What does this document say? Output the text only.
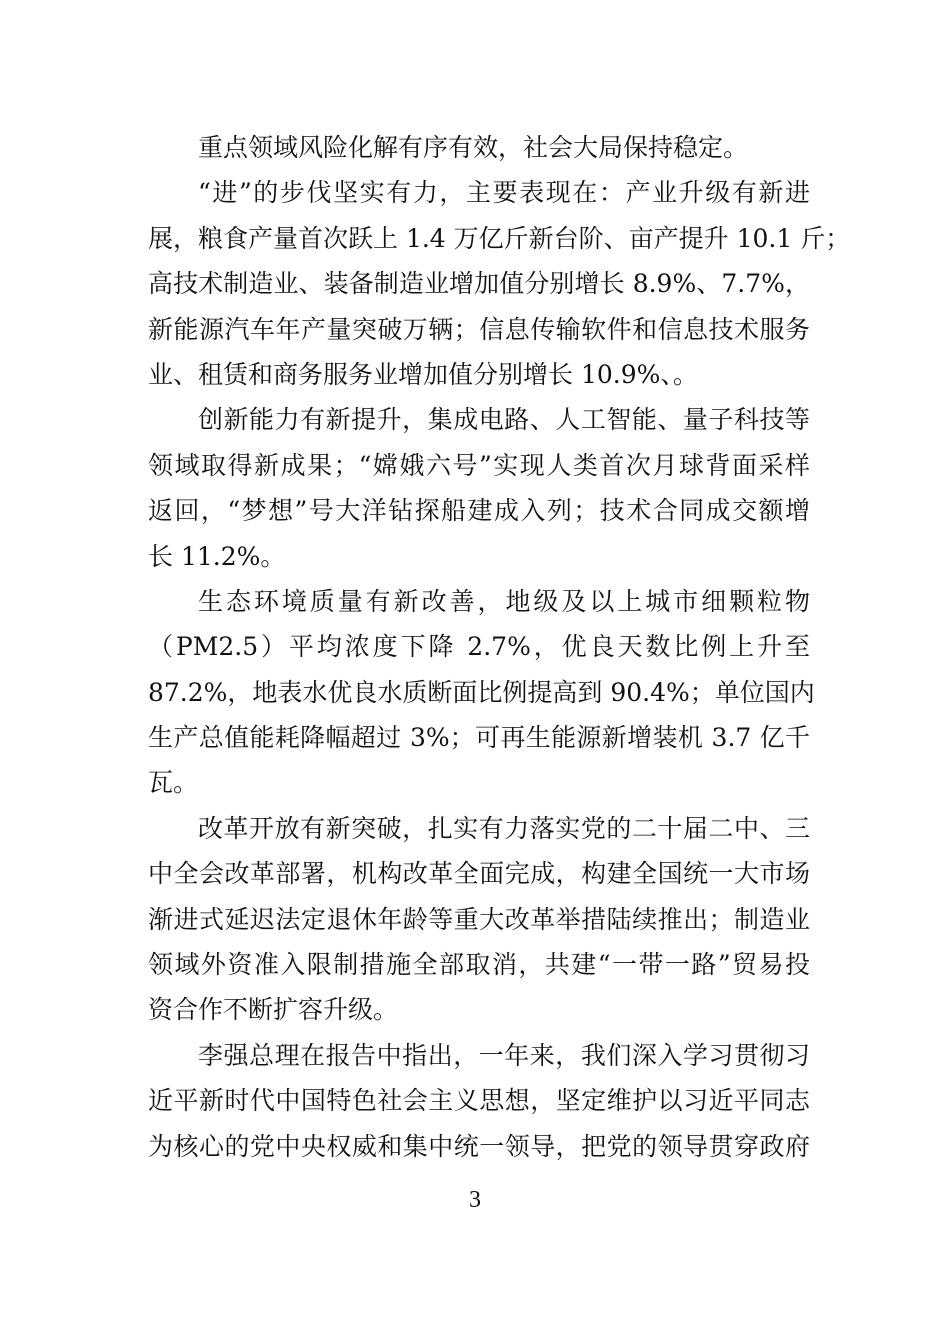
重点领域风险化解有序有效，社会大局保持稳定。
“进”的步伐坚实有力，主要表现在：产业升级有新进
展，粮食产量首次跃上 1.4 万亿斤新台阶、亩产提升 10.1 斤；
高技术制造业、装备制造业增加值分别增长 8.9%、7.7%，
新能源汽车年产量突破万辆；信息传输软件和信息技术服务
业、租赁和商务服务业增加值分别增长 10.9%、。
创新能力有新提升，集成电路、人工智能、量子科技等
领域取得新成果；“嫦娥六号”实现人类首次月球背面采样
返回，“梦想”号大洋钻探船建成入列；技术合同成交额增
长 11.2%。
生态环境质量有新改善，地级及以上城市细颗粒物
（PM2.5）平均浓度下降 2.7%，优良天数比例上升至
87.2%，地表水优良水质断面比例提高到 90.4%；单位国内
生产总值能耗降幅超过 3%；可再生能源新增装机 3.7 亿千
瓦。
改革开放有新突破，扎实有力落实党的二十届二中、三
中全会改革部署，机构改革全面完成，构建全国统一大市场
渐进式延迟法定退休年龄等重大改革举措陆续推出；制造业
领域外资准入限制措施全部取消，共建“一带一路”贸易投
资合作不断扩容升级。
李强总理在报告中指出，一年来，我们深入学习贯彻习
近平新时代中国特色社会主义思想，坚定维护以习近平同志
为核心的党中央权威和集中统一领导，把党的领导贯穿政府
3
